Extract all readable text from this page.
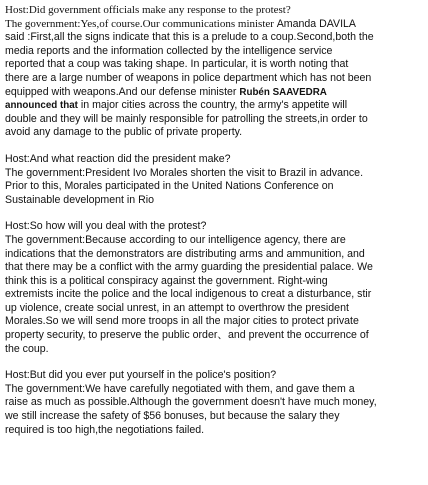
Host:Did government officials make any response to the protest?
The government:Yes,of course.Our communications minister Amanda DAVILA
said :First,all the signs indicate that this is a prelude to a coup.Second,both the
media reports and the information collected by the intelligence service
reported that a coup was taking shape. In particular, it is worth noting that
there are a large number of weapons in police department which has not been
equipped with weapons.And our defense minister Rubén SAAVEDRA
announced that in major cities across the country, the army's appetite will
double and they will be mainly responsible for patrolling the streets,in order to
avoid any damage to the public of private property.
Host:And what reaction did the president make?
The government:President Ivo Morales shorten the visit to Brazil in advance.
Prior to this, Morales participated in the United Nations Conference on
Sustainable development in Rio
Host:So how will you deal with the protest?
The government:Because according to our intelligence agency, there are
indications that the demonstrators are distributing arms and ammunition, and
that there may be a conflict with the army guarding the presidential palace. We
think this is a political conspiracy against the government. Right-wing
extremists incite the police and the local indigenous to creat a disturbance, stir
up violence, create social unrest, in an attempt to overthrow the president
Morales.So we will send more troops in all the major cities to protect private
property security, to preserve the public order、and prevent the occurrence of
the coup.
Host:But did you ever put yourself in the police's position?
The government:We have carefully negotiated with them, and gave them a
raise as much as possible.Although the government doesn't have much money,
we still increase the safety of $56 bonuses, but because the salary they
required is too high,the negotiations failed.
